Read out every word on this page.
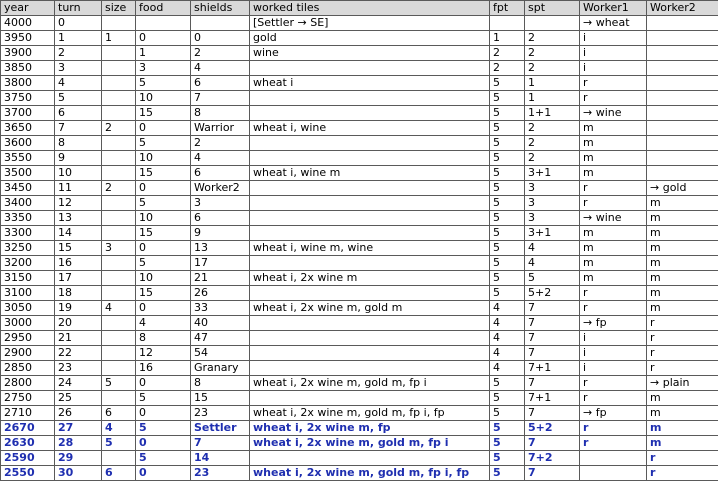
year	turn	size	food	shields	worked tiles	fpt	spt	Worker1	Worker2
4000	0				[Settler → SE]			→ wheat	
3950	1	1	0	0	gold	1	2	i	
3900	2		1	2	wine	2	2	i	
3850	3		3	4		2	2	i	
3800	4		5	6	wheat i	5	1	r	
3750	5		10	7		5	1	r	
3700	6		15	8		5	1+1	→ wine	
3650	7	2	0	Warrior	wheat i, wine	5	2	m	
3600	8		5	2		5	2	m	
3550	9		10	4		5	2	m	
3500	10		15	6	wheat i, wine m	5	3+1	m	
3450	11	2	0	Worker2		5	3	r	→ gold
3400	12		5	3		5	3	r	m
3350	13		10	6		5	3	→ wine	m
3300	14		15	9		5	3+1	m	m
3250	15	3	0	13	wheat i, wine m, wine	5	4	m	m
3200	16		5	17		5	4	m	m
3150	17		10	21	wheat i, 2x wine m	5	5	m	m
3100	18		15	26		5	5+2	r	m
3050	19	4	0	33	wheat i, 2x wine m, gold m	4	7	r	m
3000	20		4	40		4	7	→ fp	r
2950	21		8	47		4	7	i	r
2900	22		12	54		4	7	i	r
2850	23		16	Granary		4	7+1	i	r
2800	24	5	0	8	wheat i, 2x wine m, gold m, fp i	5	7	r	→ plain
2750	25		5	15		5	7+1	r	m
2710	26	6	0	23	wheat i, 2x wine m, gold m, fp i, fp	5	7	→ fp	m
2670	27	4	5	Settler	wheat i, 2x wine m, fp	5	5+2	r	m
2630	28	5	0	7	wheat i, 2x wine m, gold m, fp i	5	7	r	m
2590	29		5	14		5	7+2		r
2550	30	6	0	23	wheat i, 2x wine m, gold m, fp i, fp	5	7		r
